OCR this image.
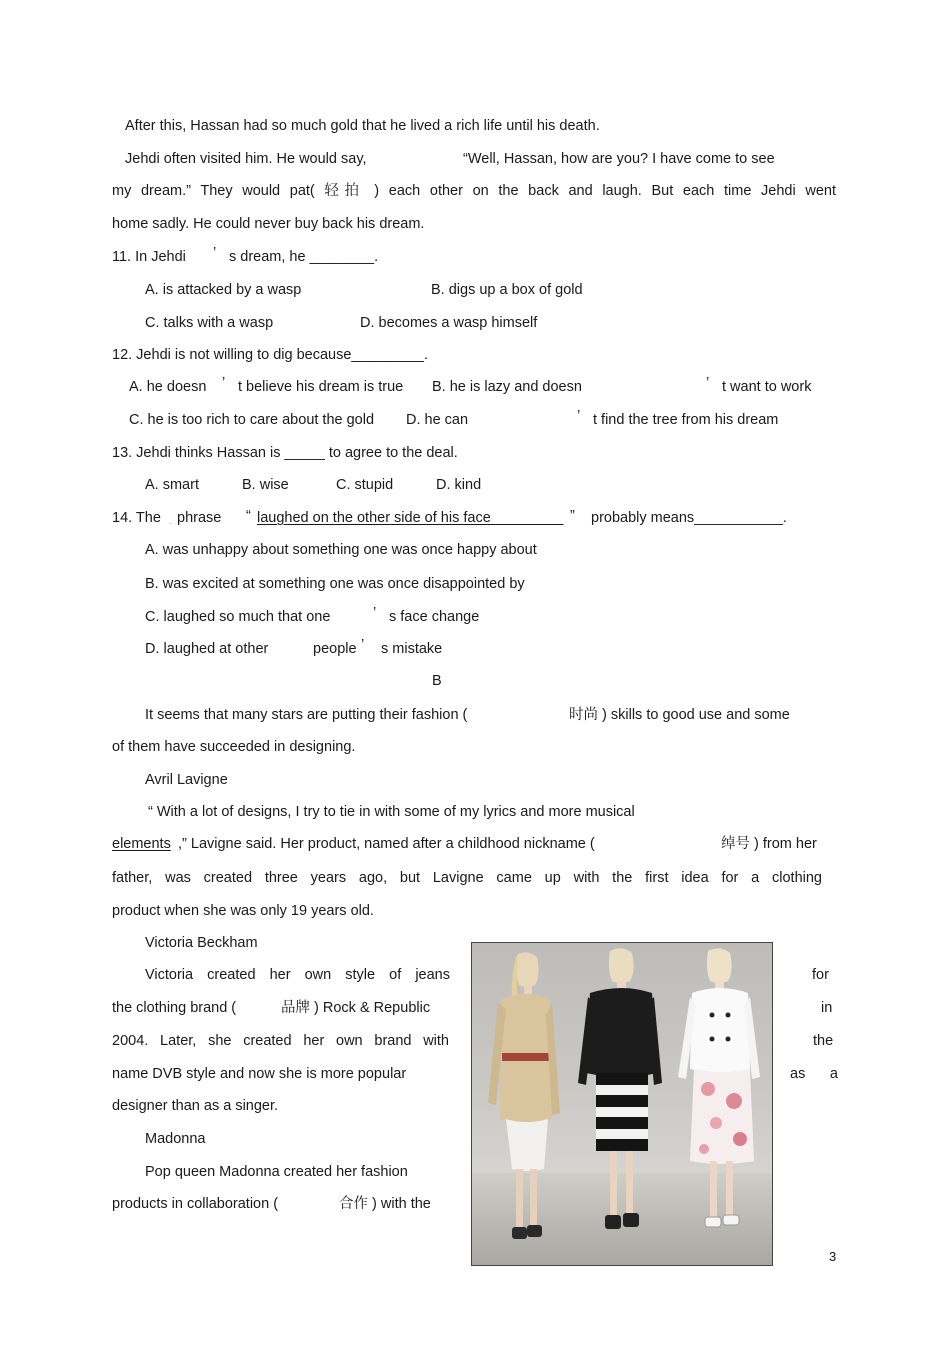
After this, Hassan had so much gold that he lived a rich life until his death.
Jehdi often visited him. He would say,	“Well, Hassan, how are you? I have come to see
my dream.” They would pat( 轻拍 ) each other on the back and laugh. But each time Jehdi went
home sadly. He could never buy back his dream.
11. In Jehdi ’ s dream, he ________.
A. is attacked by a wasp	B. digs up a box of gold
C. talks with a wasp	D. becomes a wasp himself
12. Jehdi is not willing to dig because_________.
A. he doesn ’ t believe his dream is true B. he is lazy and doesn	’ t want to work
C. he is too rich to care about the gold D. he can	’ t find the tree from his dream
13. Jehdi thinks Hassan is _____ to agree to the deal.
A. smart	B. wise	C. stupid	D. kind
14. The . phrase “ laughed on the other side of his face_________ ” probably means___________.
A. was unhappy about something one was once happy about
B. was excited at something one was once disappointed by
C. laughed so much that one	’ s face change
D. laughed at other	people ’ s mistake
B
It seems that many stars are putting their fashion (	时尚 ) skills to good use and some
of them have succeeded in designing.
Avril Lavigne
“ With a lot of designs, I try to tie in with some of my lyrics and more musical
elements ,” Lavigne said. Her product, named after a childhood nickname (	绰号 ) from her
father, was created three years ago, but Lavigne came up with the first idea for a clothing
product when she was only 19 years old.
Victoria Beckham
Victoria created her own style of jeans	for
the clothing brand (	品牌 ) Rock & Republic	in
2004. Later, she created her own brand with	the
name DVB style and now she is more popular	as a
designer than as a singer.
Madonna
Pop queen Madonna created her fashion
products in collaboration (	合作 ) with the
3
